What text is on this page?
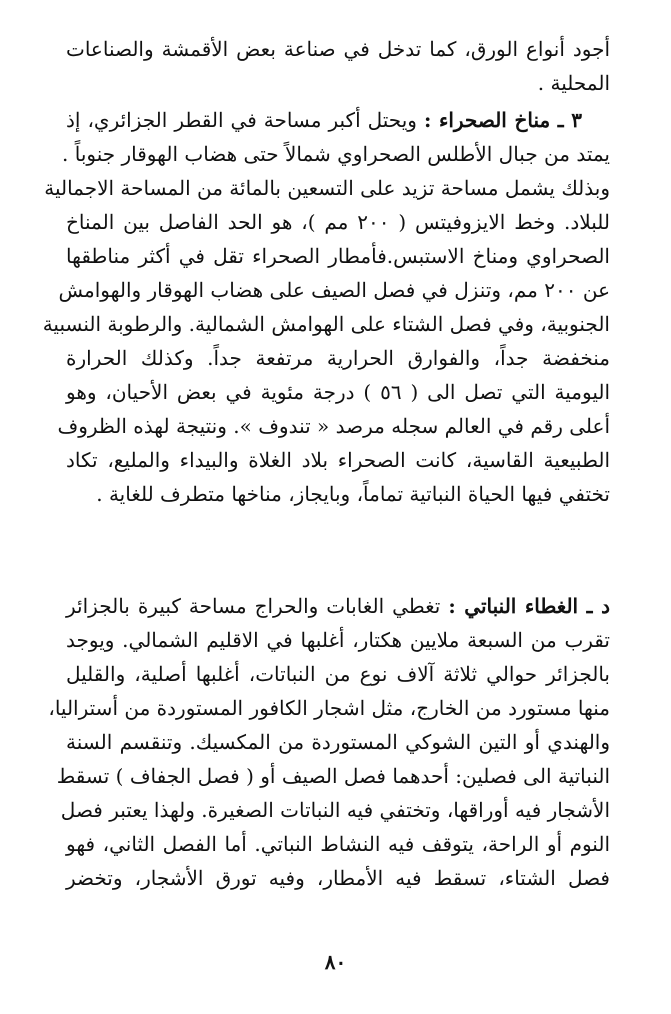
أجود أنواع الورق، كما تدخل في صناعة بعض الأقمشة والصناعات
المحلية .
٣ ـ مناخ الصحراء : ويحتل أكبر مساحة في القطر الجزائري، إذ
يمتد من جبال الأطلس الصحراوي شمالاً حتى هضاب الهوقار جنوباً .
وبذلك يشمل مساحة تزيد على التسعين بالمائة من المساحة الاجمالية
للبلاد. وخط الايزوفيتس ( ٢٠٠ مم )، هو الحد الفاصل بين المناخ
الصحراوي ومناخ الاستبس.فأمطار الصحراء تقل في أكثر مناطقها
عن ٢٠٠ مم، وتنزل في فصل الصيف على هضاب الهوقار والهوامش
الجنوبية، وفي فصل الشتاء على الهوامش الشمالية. والرطوبة النسبية
منخفضة جداً، والفوارق الحرارية مرتفعة جداً. وكذلك الحرارة
اليومية التي تصل الى ( ٥٦ ) درجة مئوية في بعض الأحيان، وهو
أعلى رقم في العالم سجله مرصد « تندوف ». ونتيجة لهذه الظروف
الطبيعية القاسية، كانت الصحراء بلاد الغلاة والبيداء والمليع، تكاد
تختفي فيها الحياة النباتية تماماً، وبايجاز، مناخها متطرف للغاية .
د ـ الغطاء النباتي : تغطي الغابات والحراج مساحة كبيرة بالجزائر
تقرب من السبعة ملايين هكتار، أغلبها في الاقليم الشمالي. ويوجد
بالجزائر حوالي ثلاثة آلاف نوع من النباتات، أغلبها أصلية، والقليل
منها مستورد من الخارج، مثل اشجار الكافور المستوردة من أستراليا،
والهندي أو التين الشوكي المستوردة من المكسيك. وتنقسم السنة
النباتية الى فصلين: أحدهما فصل الصيف أو ( فصل الجفاف ) تسقط
الأشجار فيه أوراقها، وتختفي فيه النباتات الصغيرة. ولهذا يعتبر فصل
النوم أو الراحة، يتوقف فيه النشاط النباتي. أما الفصل الثاني، فهو
فصل الشتاء، تسقط فيه الأمطار، وفيه تورق الأشجار، وتخضر
٨٠
